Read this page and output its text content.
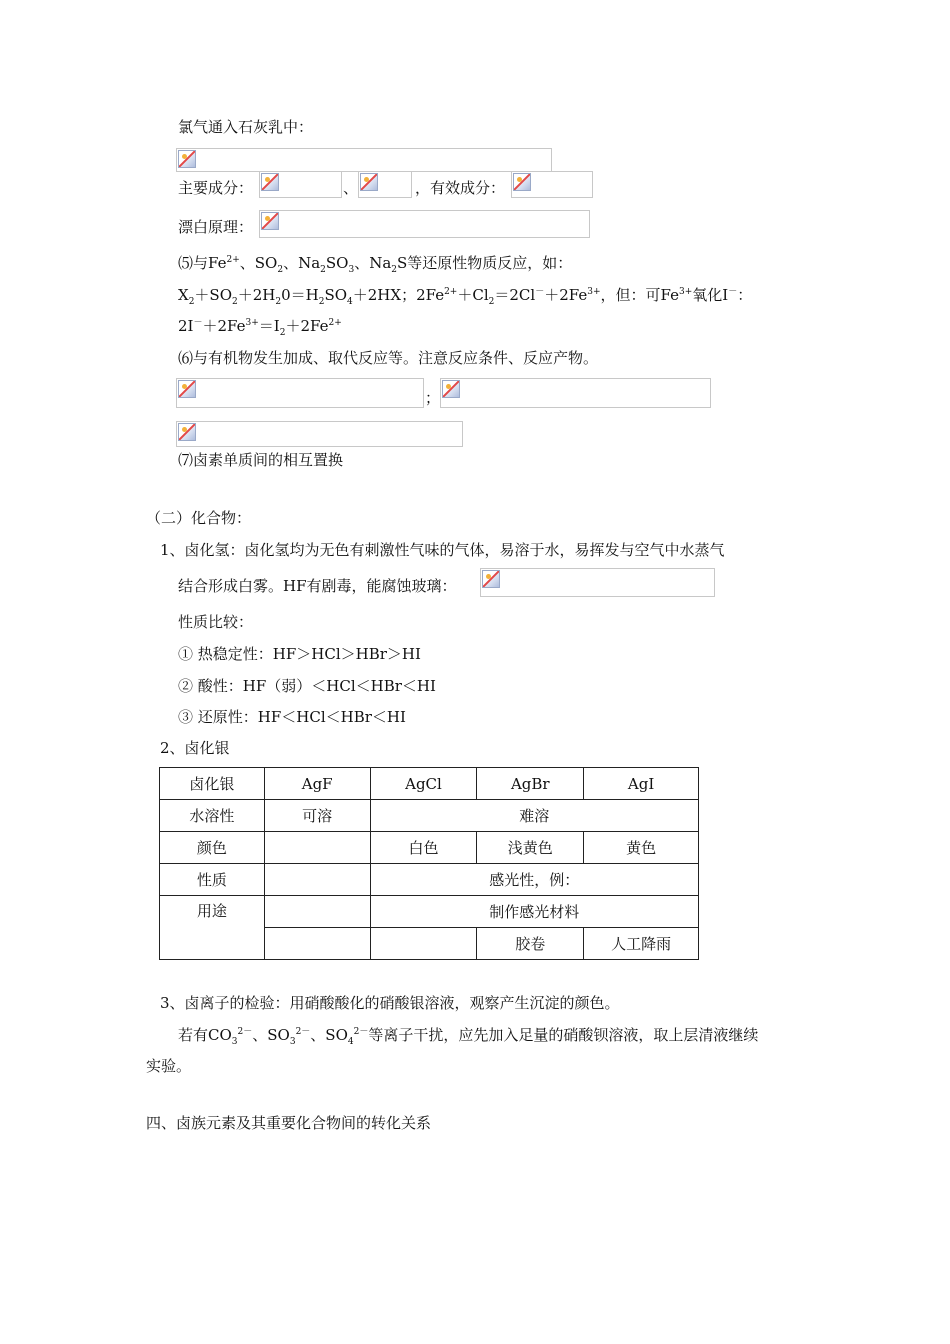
氯气通入石灰乳中：
主要成分：	、	，有效成分：
漂白原理：
⑸与$Fe^{2+}$、$SO_2$、$Na_2SO_3$、$Na_2S$等还原性物质反应，如：
$X_2+SO_2+2H_20=H_2SO_4+2HX$；$2Fe^{2+}+Cl_2=2Cl^-+2Fe^{3+}$，但：可$Fe^{3+}$氧化I－：
$2I^-+2Fe^{3+}=I_2+2Fe^{2+}$
⑹与有机物发生加成、取代反应等。注意反应条件、反应产物。
；
⑺卤素单质间的相互置换
（二）化合物：
1、卤化氢：卤化氢均为无色有刺激性气味的气体，易溶于水，易挥发与空气中水蒸气
结合形成白雾。HF有剧毒，能腐蚀玻璃：
性质比较：
① 热稳定性：HF＞HCl＞HBr＞HI
② 酸性：HF（弱）＜HCl＜HBr＜HI
③ 还原性：HF＜HCl＜HBr＜HI
2、卤化银
卤化银	AgF	AgCl	AgBr	AgI
水溶性	可溶	难溶		
颜色		白色	浅黄色	黄色
性质		感光性，例：		
用途		制作感光材料		
			胶卷	人工降雨
3、卤离子的检验：用硝酸酸化的硝酸银溶液，观察产生沉淀的颜色。
若有$CO_3^{2-}$、$SO_3^{2-}$、$SO_4^{2-}$等离子干扰，应先加入足量的硝酸钡溶液，取上层清液继续
实验。
四、卤族元素及其重要化合物间的转化关系
